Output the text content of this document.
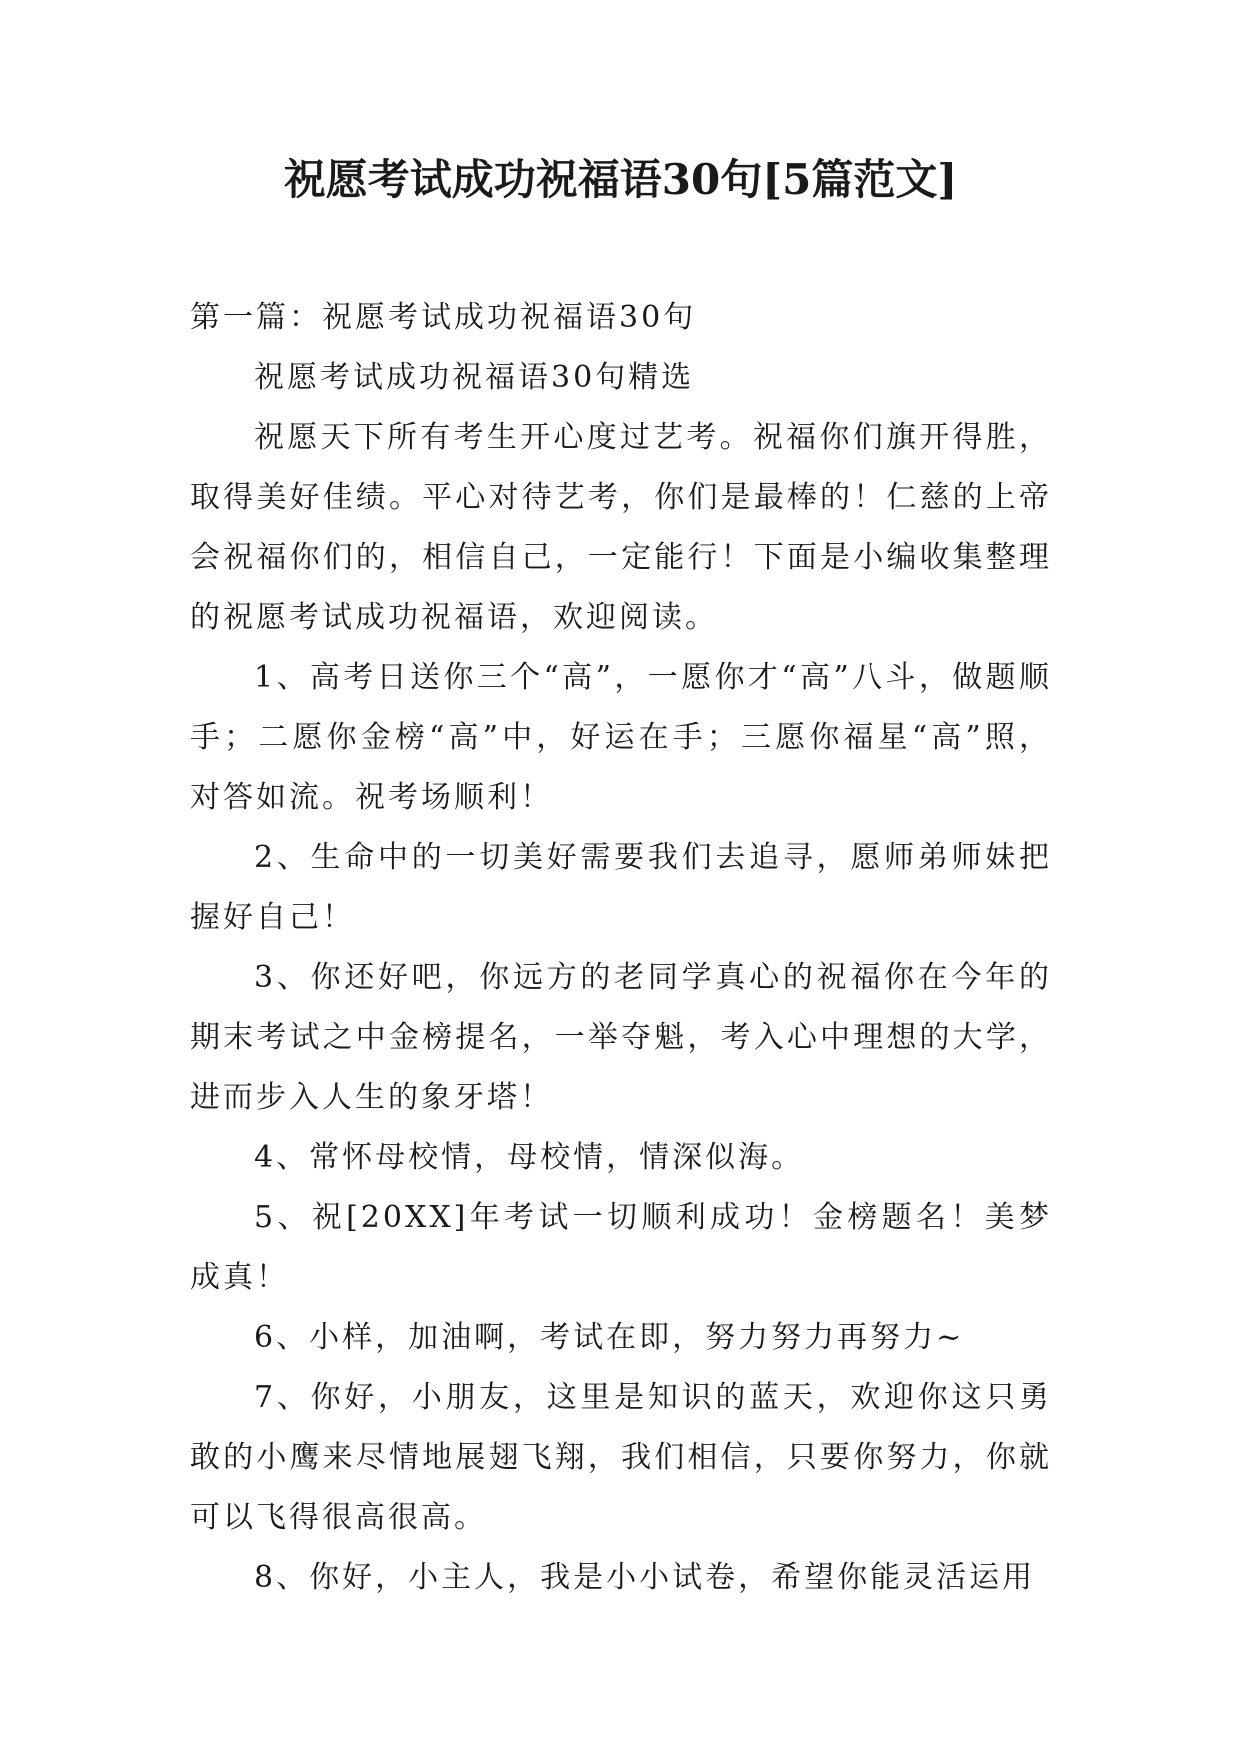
祝愿考试成功祝福语30句[5篇范文]

第一篇：祝愿考试成功祝福语30句

祝愿考试成功祝福语30句精选

祝愿天下所有考生开心度过艺考。祝福你们旗开得胜，取得美好佳绩。平心对待艺考，你们是最棒的！仁慈的上帝会祝福你们的，相信自己，一定能行！下面是小编收集整理的祝愿考试成功祝福语，欢迎阅读。

1、高考日送你三个“高”，一愿你才“高”八斗，做题顺手；二愿你金榜“高”中，好运在手；三愿你福星“高”照，对答如流。祝考场顺利！

2、生命中的一切美好需要我们去追寻，愿师弟师妹把握好自己！

3、你还好吧，你远方的老同学真心的祝福你在今年的期末考试之中金榜提名，一举夺魁，考入心中理想的大学，进而步入人生的象牙塔！

4、常怀母校情，母校情，情深似海。

5、祝[20XX]年考试一切顺利成功！金榜题名！美梦成真！

6、小样，加油啊，考试在即，努力努力再努力~

7、你好，小朋友，这里是知识的蓝天，欢迎你这只勇敢的小鹰来尽情地展翅飞翔，我们相信，只要你努力，你就可以飞得很高很高。

8、你好，小主人，我是小小试卷，希望你能灵活运用
